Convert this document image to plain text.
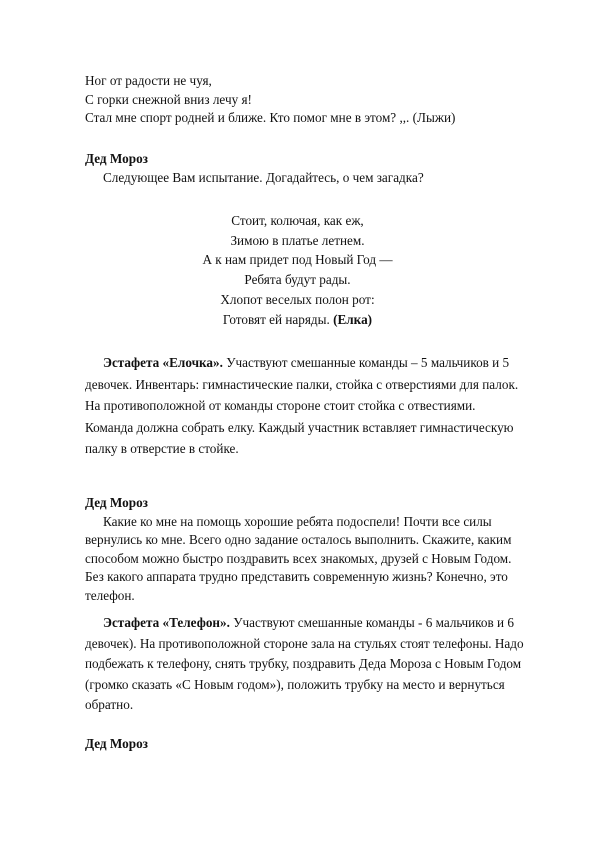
Ног от радости не чуя,

С горки снежной вниз лечу я!

Стал мне спорт родней и ближе. Кто помог мне в этом? ,,. (Лыжи)

Дед Мороз

Следующее Вам испытание. Догадайтесь, о чем загадка?

Стоит, колючая, как еж,

Зимою в платье летнем.

А к нам придет под Новый Год —

Ребята будут рады.

Хлопот веселых полон рот:

Готовят ей наряды. (Елка)

Эстафета «Елочка». Участвуют смешанные команды – 5 мальчиков и 5

девочек. Инвентарь: гимнастические палки, стойка с отверстиями для палок.

На противоположной от команды стороне стоит стойка с отвестиями.

Команда должна собрать елку. Каждый участник вставляет гимнастическую

палку в отверстие в стойке.

Дед Мороз

Какие ко мне на помощь хорошие ребята подоспели! Почти все силы

вернулись ко мне. Всего одно задание осталось выполнить. Скажите, каким

способом можно быстро поздравить всех знакомых, друзей с Новым Годом.

Без какого аппарата трудно представить современную жизнь? Конечно, это

телефон.

Эстафета «Телефон». Участвуют смешанные команды - 6 мальчиков и 6

девочек). На противоположной стороне зала на стульях стоят телефоны. Надо

подбежать к телефону, снять трубку, поздравить Деда Мороза с Новым Годом

(громко сказать «С Новым годом»), положить трубку на место и вернуться

обратно.

Дед Мороз
